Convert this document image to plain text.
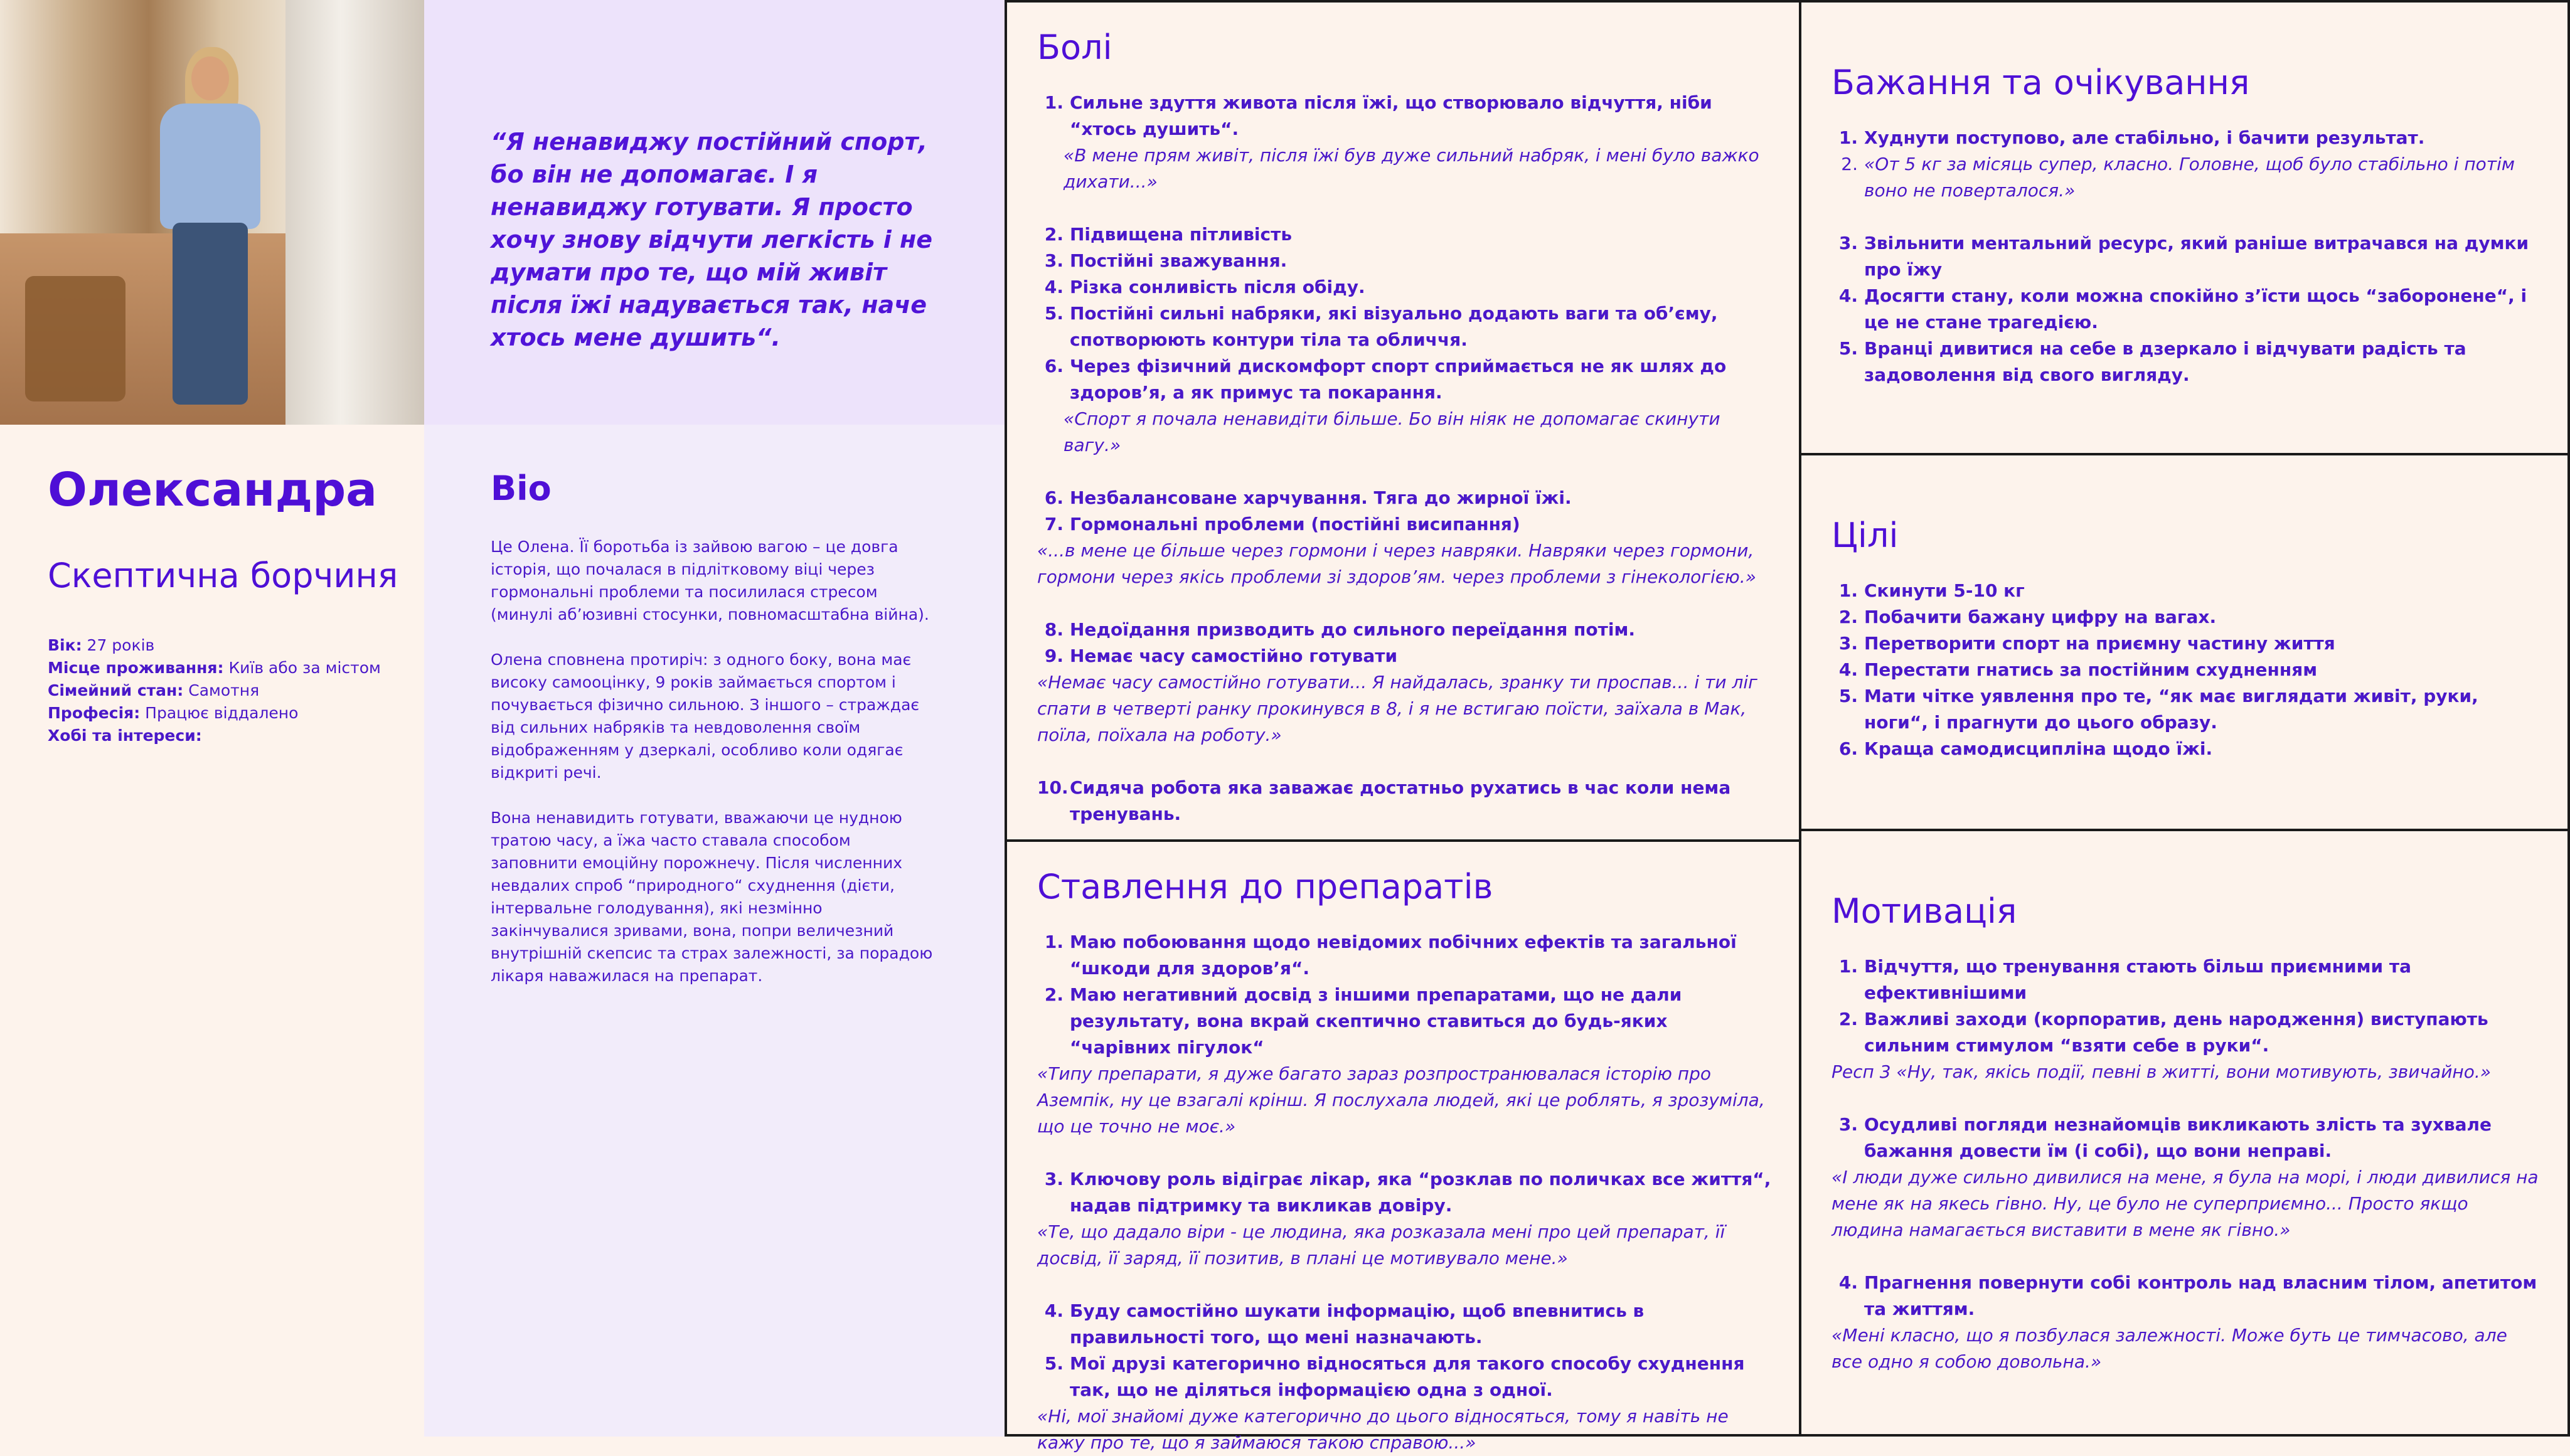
“Я ненавиджу постійний спорт, бо він не допомагає. І я ненавиджу готувати. Я просто хочу знову відчути легкість і не думати про те, що мій живіт після їжі надувається так, наче хтось мене душить“.

Олександра
Скептична борчиня
Вік: 27 років
Місце проживання: Київ або за містом
Сімейний стан: Самотня
Професія: Працює віддалено
Хобі та інтереси:
Bio

Це Олена. Її боротьба із зайвою вагою – це довга історія, що почалася в підлітковому віці через гормональні проблеми та посилилася стресом (минулі аб’юзивні стосунки, повномасштабна війна).

Олена сповнена протиріч: з одного боку, вона має високу самооцінку, 9 років займається спортом і почувається фізично сильною. З іншого – страждає від сильних набряків та невдоволення своїм відображенням у дзеркалі, особливо коли одягає відкриті речі.

Вона ненавидить готувати, вважаючи це нудною тратою часу, а їжа часто ставала способом заповнити емоційну порожнечу. Після численних невдалих спроб “природного“ схуднення (дієти, інтервальне голодування), які незмінно закінчувалися зривами, вона, попри величезний внутрішній скепсис та страх залежності, за порадою лікаря наважилася на препарат.

Болі
1. Сильне здуття живота після їжі, що створювало відчуття, ніби “хтось душить“.
«В мене прям живіт, після їжі був дуже сильний набряк, і мені було важко дихати...»
2. Підвищена пітливість
3. Постійні зважування.
4. Різка сонливість після обіду.
5. Постійні сильні набряки, які візуально додають ваги та об’єму, спотворюють контури тіла та обличчя.
6. Через фізичний дискомфорт спорт сприймається не як шлях до здоров’я, а як примус та покарання.
«Спорт я почала ненавидіти більше. Бо він ніяк не допомагає скинути вагу.»
6. Незбалансоване харчування. Тяга до жирної їжі.
7. Гормональні проблеми (постійні висипання)
«...в мене це більше через гормони і через навряки. Навряки через гормони, гормони через якісь проблеми зі здоров’ям. через проблеми з гінекологією.»
8. Недоїдання призводить до сильного переїдання потім.
9. Немає часу самостійно готувати
«Немає часу самостійно готувати... Я найдалась, зранку ти проспав... і ти ліг спати в четверті ранку прокинувся в 8, і я не встигаю поїсти, заїхала в Мак, поїла, поїхала на роботу.»
10. Сидяча робота яка заважає достатньо рухатись в час коли нема тренувань.
Ставлення до препаратів
1. Маю побоювання щодо невідомих побічних ефектів та загальної “шкоди для здоров’я“.
2. Маю негативний досвід з іншими препаратами, що не дали результату, вона вкрай скептично ставиться до будь-яких “чарівних пігулок“
«Типу препарати, я дуже багато зараз розпространювалася історію про Аземпік, ну це взагалі крінш. Я послухала людей, які це роблять, я зрозуміла, що це точно не моє.»
3. Ключову роль відіграє лікар, яка “розклав по поличках все життя“, надав підтримку та викликав довіру.
«Те, що дадало віри - це людина, яка розказала мені про цей препарат, її досвід, її заряд, її позитив, в плані це мотивувало мене.»
4. Буду самостійно шукати інформацію, щоб впевнитись в правильності того, що мені назначають.
5. Мої друзі категорично відносяться для такого способу схуднення так, що не діляться інформацією одна з одної.
«Ні, мої знайомі дуже категорично до цього відносяться, тому я навіть не кажу про те, що я займаюся такою справою...»
Бажання та очікування
1. Худнути поступово, але стабільно, і бачити результат.
2. «От 5 кг за місяць супер, класно. Головне, щоб було стабільно і потім воно не поверталося.»
3. Звільнити ментальний ресурс, який раніше витрачався на думки про їжу
4. Досягти стану, коли можна спокійно з’їсти щось “заборонене“, і це не стане трагедією.
5. Вранці дивитися на себе в дзеркало і відчувати радість та задоволення від свого вигляду.
Цілі
1. Скинути 5-10 кг
2. Побачити бажану цифру на вагах.
3. Перетворити спорт на приємну частину життя
4. Перестати гнатись за постійним схудненням
5. Мати чітке уявлення про те, “як має виглядати живіт, руки, ноги“, і прагнути до цього образу.
6. Краща самодисципліна щодо їжі.
Мотивація
1. Відчуття, що тренування стають більш приємними та ефективнішими
2. Важливі заходи (корпоратив, день народження) виступають сильним стимулом “взяти себе в руки“.
Респ 3 «Ну, так, якісь події, певні в житті, вони мотивують, звичайно.»
3. Осудливі погляди незнайомців викликають злість та зухвале бажання довести їм (і собі), що вони неправі.
«І люди дуже сильно дивилися на мене, я була на морі, і люди дивилися на мене як на якесь гівно. Ну, це було не суперприємно... Просто якщо людина намагається виставити в мене як гівно.»
4. Прагнення повернути собі контроль над власним тілом, апетитом та життям.
«Мені класно, що я позбулася залежності. Може буть це тимчасово, але все одно я собою довольна.»
